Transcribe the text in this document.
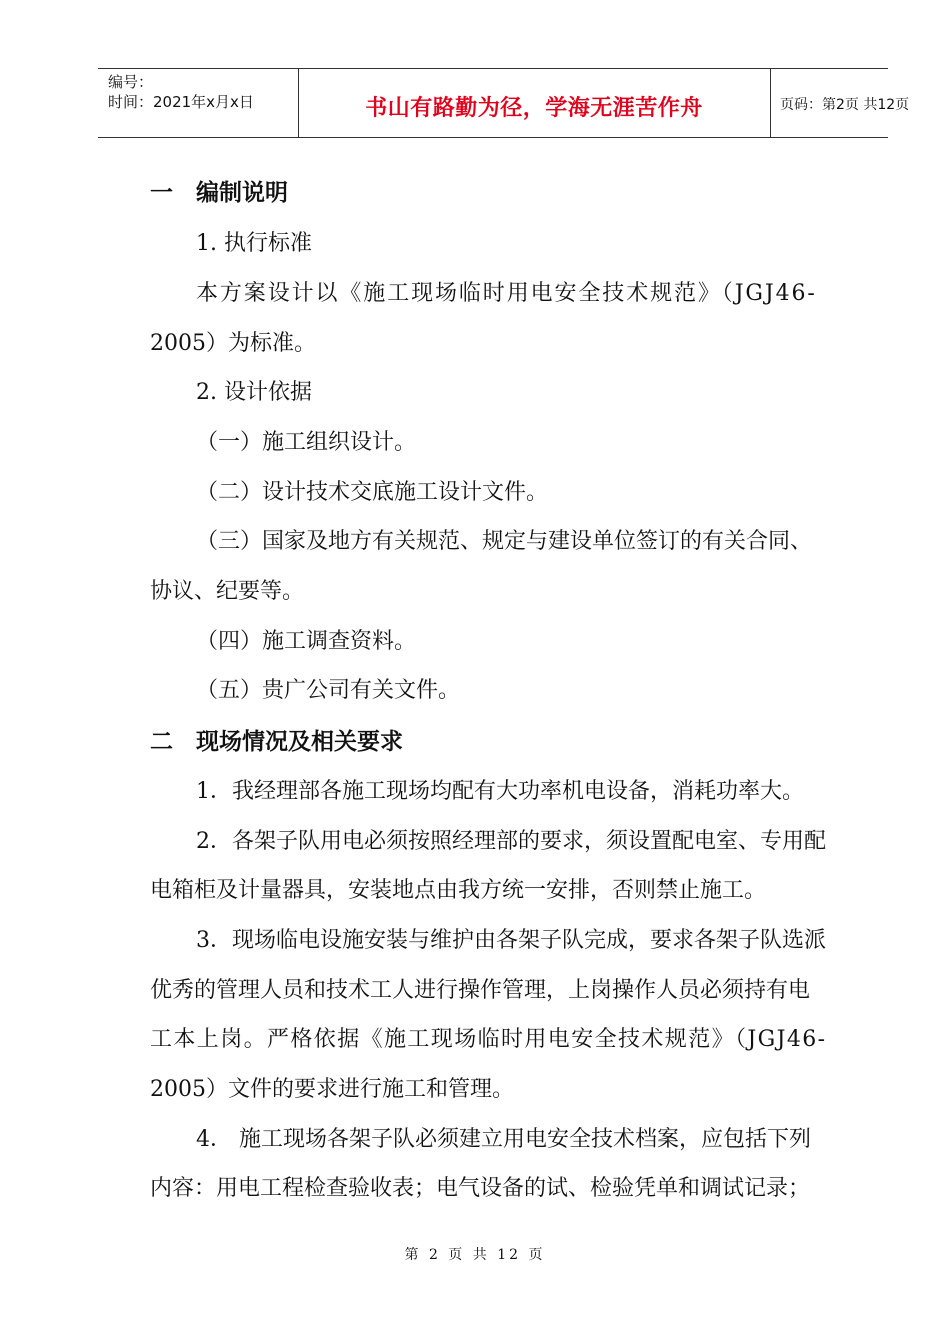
编号：
时间：2021年x月x日	书山有路勤为径，学海无涯苦作舟	页码：第2页 共12页
一 编制说明
1. 执行标准
本方案设计以《施工现场临时用电安全技术规范》（JGJ46-
2005）为标准。
2. 设计依据
（一）施工组织设计。
（二）设计技术交底施工设计文件。
（三）国家及地方有关规范、规定与建设单位签订的有关合同、
协议、纪要等。
（四）施工调查资料。
（五）贵广公司有关文件。
二 现场情况及相关要求
1．我经理部各施工现场均配有大功率机电设备，消耗功率大。
2．各架子队用电必须按照经理部的要求，须设置配电室、专用配
电箱柜及计量器具，安装地点由我方统一安排，否则禁止施工。
3．现场临电设施安装与维护由各架子队完成，要求各架子队选派
优秀的管理人员和技术工人进行操作管理，上岗操作人员必须持有电
工本上岗。严格依据《施工现场临时用电安全技术规范》（JGJ46-
2005）文件的要求进行施工和管理。
4． 施工现场各架子队必须建立用电安全技术档案，应包括下列
内容：用电工程检查验收表；电气设备的试、检验凭单和调试记录；
第 2 页 共 12 页
